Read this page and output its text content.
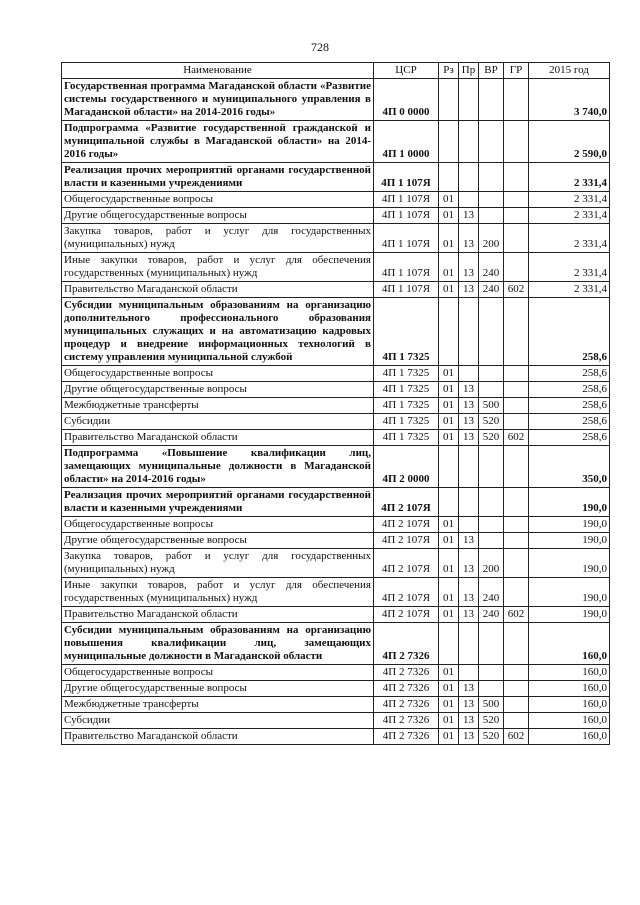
728
Наименование	ЦСР	Рз	Пр	ВР	ГР	2015 год
Государственная программа Магаданской области «Развитие системы государственного и муниципального управления в Магаданской области» на 2014-2016 годы»	4П 0 0000					3 740,0
Подпрограмма «Развитие государственной гражданской и муниципальной службы в Магаданской области» на 2014-2016 годы»	4П 1 0000					2 590,0
Реализация прочих мероприятий органами государственной власти и казенными учреждениями	4П 1 107Я					2 331,4
Общегосударственные вопросы	4П 1 107Я	01				2 331,4
Другие общегосударственные вопросы	4П 1 107Я	01	13			2 331,4
Закупка товаров, работ и услуг для государственных (муниципальных) нужд	4П 1 107Я	01	13	200		2 331,4
Иные закупки товаров, работ и услуг для обеспечения государственных (муниципальных) нужд	4П 1 107Я	01	13	240		2 331,4
Правительство Магаданской области	4П 1 107Я	01	13	240	602	2 331,4
Субсидии муниципальным образованиям на организацию дополнительного профессионального образования муниципальных служащих и на автоматизацию кадровых процедур и внедрение информационных технологий в систему управления муниципальной службой	4П 1 7325					258,6
Общегосударственные вопросы	4П 1 7325	01				258,6
Другие общегосударственные вопросы	4П 1 7325	01	13			258,6
Межбюджетные трансферты	4П 1 7325	01	13	500		258,6
Субсидии	4П 1 7325	01	13	520		258,6
Правительство Магаданской области	4П 1 7325	01	13	520	602	258,6
Подпрограмма «Повышение квалификации лиц, замещающих муниципальные должности в Магаданской области» на 2014-2016 годы»	4П 2 0000					350,0
Реализация прочих мероприятий органами государственной власти и казенными учреждениями	4П 2 107Я					190,0
Общегосударственные вопросы	4П 2 107Я	01				190,0
Другие общегосударственные вопросы	4П 2 107Я	01	13			190,0
Закупка товаров, работ и услуг для государственных (муниципальных) нужд	4П 2 107Я	01	13	200		190,0
Иные закупки товаров, работ и услуг для обеспечения государственных (муниципальных) нужд	4П 2 107Я	01	13	240		190,0
Правительство Магаданской области	4П 2 107Я	01	13	240	602	190,0
Субсидии муниципальным образованиям на организацию повышения квалификации лиц, замещающих муниципальные должности в Магаданской области	4П 2 7326					160,0
Общегосударственные вопросы	4П 2 7326	01				160,0
Другие общегосударственные вопросы	4П 2 7326	01	13			160,0
Межбюджетные трансферты	4П 2 7326	01	13	500		160,0
Субсидии	4П 2 7326	01	13	520		160,0
Правительство Магаданской области	4П 2 7326	01	13	520	602	160,0
